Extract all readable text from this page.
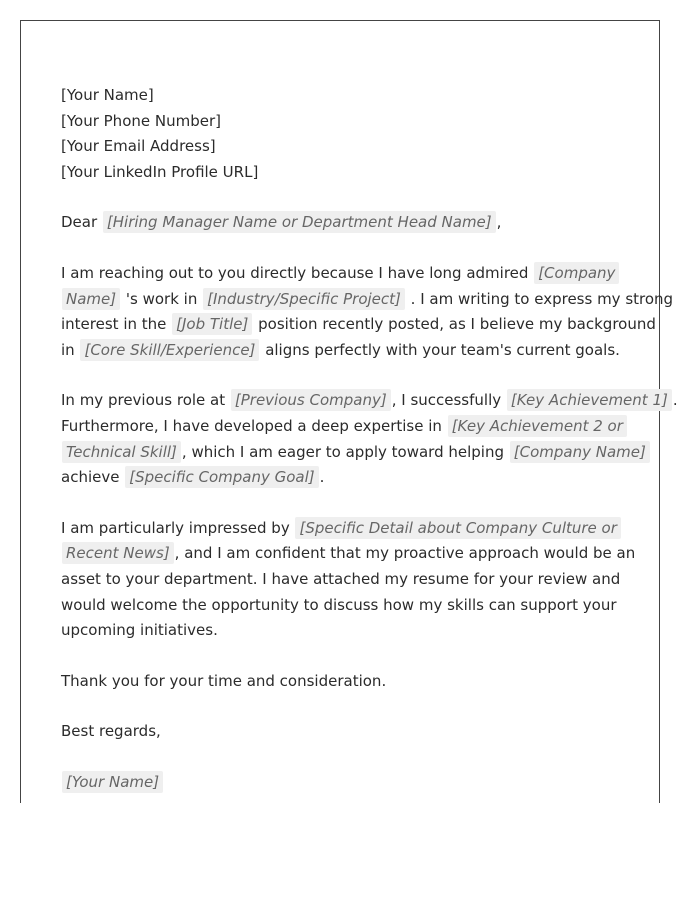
[Your Name]
[Your Phone Number]
[Your Email Address]
[Your LinkedIn Profile URL]
Dear [Hiring Manager Name or Department Head Name] ,
I am reaching out to you directly because I have long admired [Company
Name] 's work in [Industry/Specific Project] . I am writing to express my strong
interest in the [Job Title] position recently posted, as I believe my background
in [Core Skill/Experience] aligns perfectly with your team's current goals.
In my previous role at [Previous Company] , I successfully [Key Achievement 1] .
Furthermore, I have developed a deep expertise in [Key Achievement 2 or
Technical Skill] , which I am eager to apply toward helping [Company Name]
achieve [Specific Company Goal] .
I am particularly impressed by [Specific Detail about Company Culture or
Recent News] , and I am confident that my proactive approach would be an
asset to your department. I have attached my resume for your review and
would welcome the opportunity to discuss how my skills can support your
upcoming initiatives.
Thank you for your time and consideration.
Best regards,
[Your Name]
